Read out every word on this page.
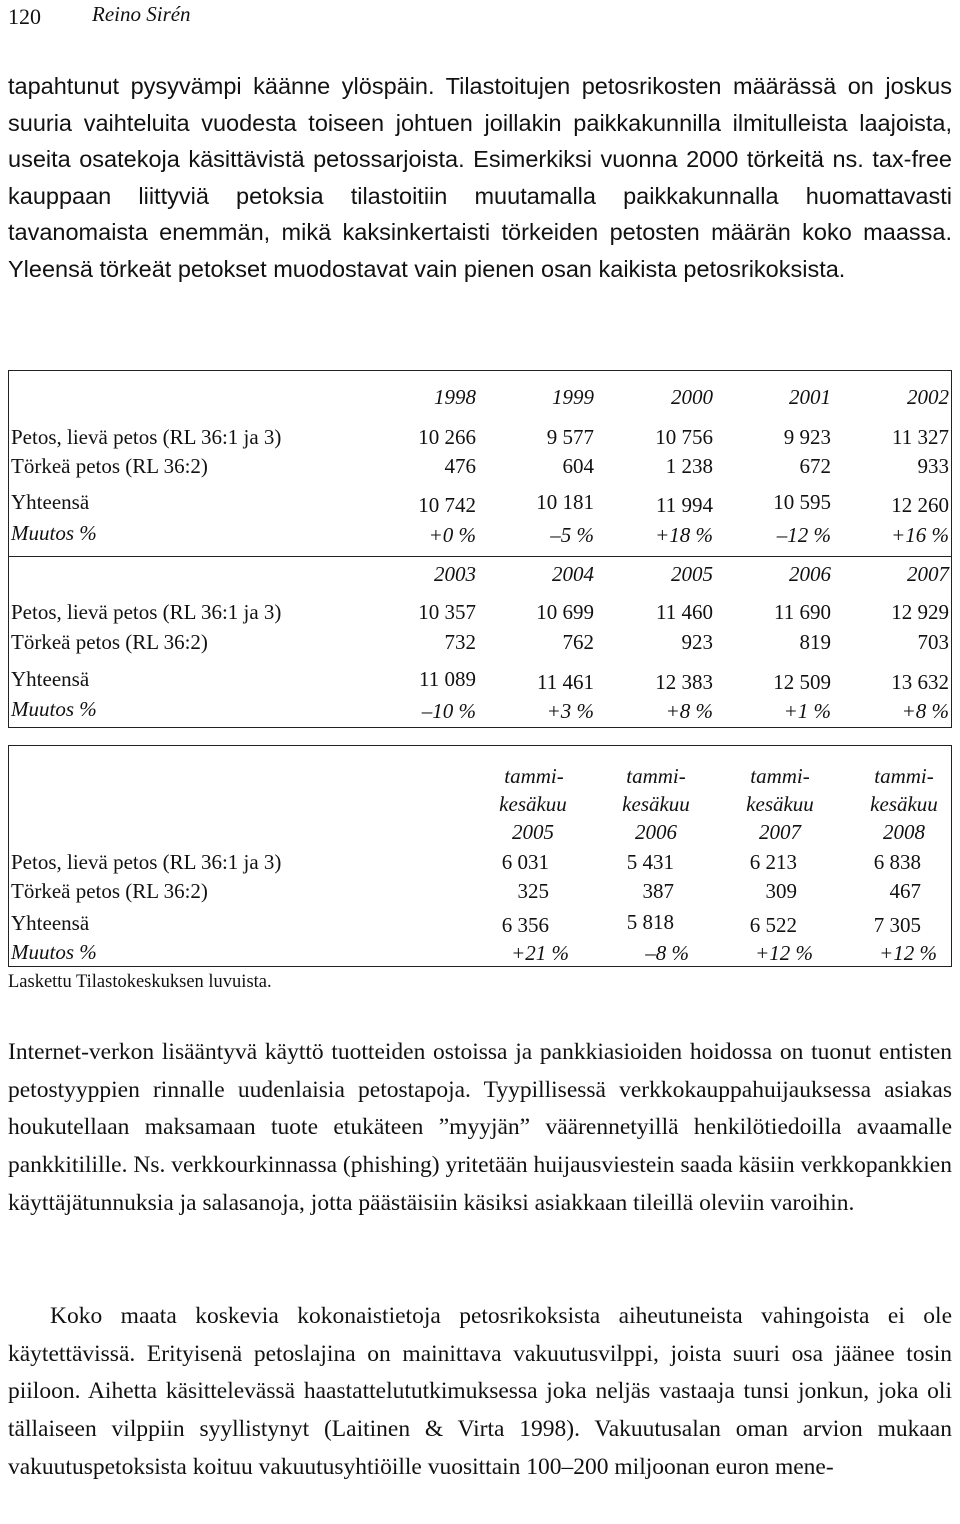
120 Reino Sirén

tapahtunut pysyvämpi käänne ylöspäin. Tilastoitujen petosrikosten määrässä on joskus suuria vaihteluita vuodesta toiseen johtuen joillakin paikkakunnilla ilmitulleista laajoista, useita osatekoja käsittävistä petossarjoista. Esimerkiksi vuonna 2000 törkeitä ns. tax-free kauppaan liittyviä petoksia tilastoitiin muutamalla paikkakunnalla huomattavasti tavanomaista enemmän, mikä kaksinkertaisti törkeiden petosten määrän koko maassa. Yleensä törkeät petokset muodostavat vain pienen osan kaikista petosrikoksista.

1998	1999	2000	2001	2002
Petos, lievä petos (RL 36:1 ja 3)	10 266	9 577	10 756	9 923	11 327
Törkeä petos (RL 36:2)	476	604	1 238	672	933
Yhteensä	10 742	10 181	11 994	10 595	12 260
Muutos %	+0 %	–5 %	+18 %	–12 %	+16 %
2003	2004	2005	2006	2007
Petos, lievä petos (RL 36:1 ja 3)	10 357	10 699	11 460	11 690	12 929
Törkeä petos (RL 36:2)	732	762	923	819	703
Yhteensä	11 089	11 461	12 383	12 509	13 632
Muutos %	–10 %	+3 %	+8 %	+1 %	+8 %
tammi-	tammi-	tammi-	tammi-
kesäkuu	kesäkuu	kesäkuu	kesäkuu
2005	2006	2007	2008
Petos, lievä petos (RL 36:1 ja 3)	6 031	5 431	6 213	6 838
Törkeä petos (RL 36:2)	325	387	309	467
Yhteensä	6 356	5 818	6 522	7 305
Muutos %	+21 %	–8 %	+12 %	+12 %
Laskettu Tilastokeskuksen luvuista.

Internet-verkon lisääntyvä käyttö tuotteiden ostoissa ja pankkiasioiden hoidossa on tuonut entisten petostyyppien rinnalle uudenlaisia petostapoja. Tyypillisessä verkkokauppahuijauksessa asiakas houkutellaan maksamaan tuote etukäteen ”myyjän” väärennetyillä henkilötiedoilla avaamalle pankkitilille. Ns. verkkourkinnassa (phishing) yritetään huijausviestein saada käsiin verkkopankkien käyttäjätunnuksia ja salasanoja, jotta päästäisiin käsiksi asiakkaan tileillä oleviin varoihin.

Koko maata koskevia kokonaistietoja petosrikoksista aiheutuneista vahingoista ei ole käytettävissä. Erityisenä petoslajina on mainittava vakuutusvilppi, joista suuri osa jäänee tosin piiloon. Aihetta käsittelevässä haastattelututkimuksessa joka neljäs vastaaja tunsi jonkun, joka oli tällaiseen vilppiin syyllistynyt (Laitinen & Virta 1998). Vakuutusalan oman arvion mukaan vakuutuspetoksista koituu vakuutusyhtiöille vuosittain 100–200 miljoonan euron mene-
